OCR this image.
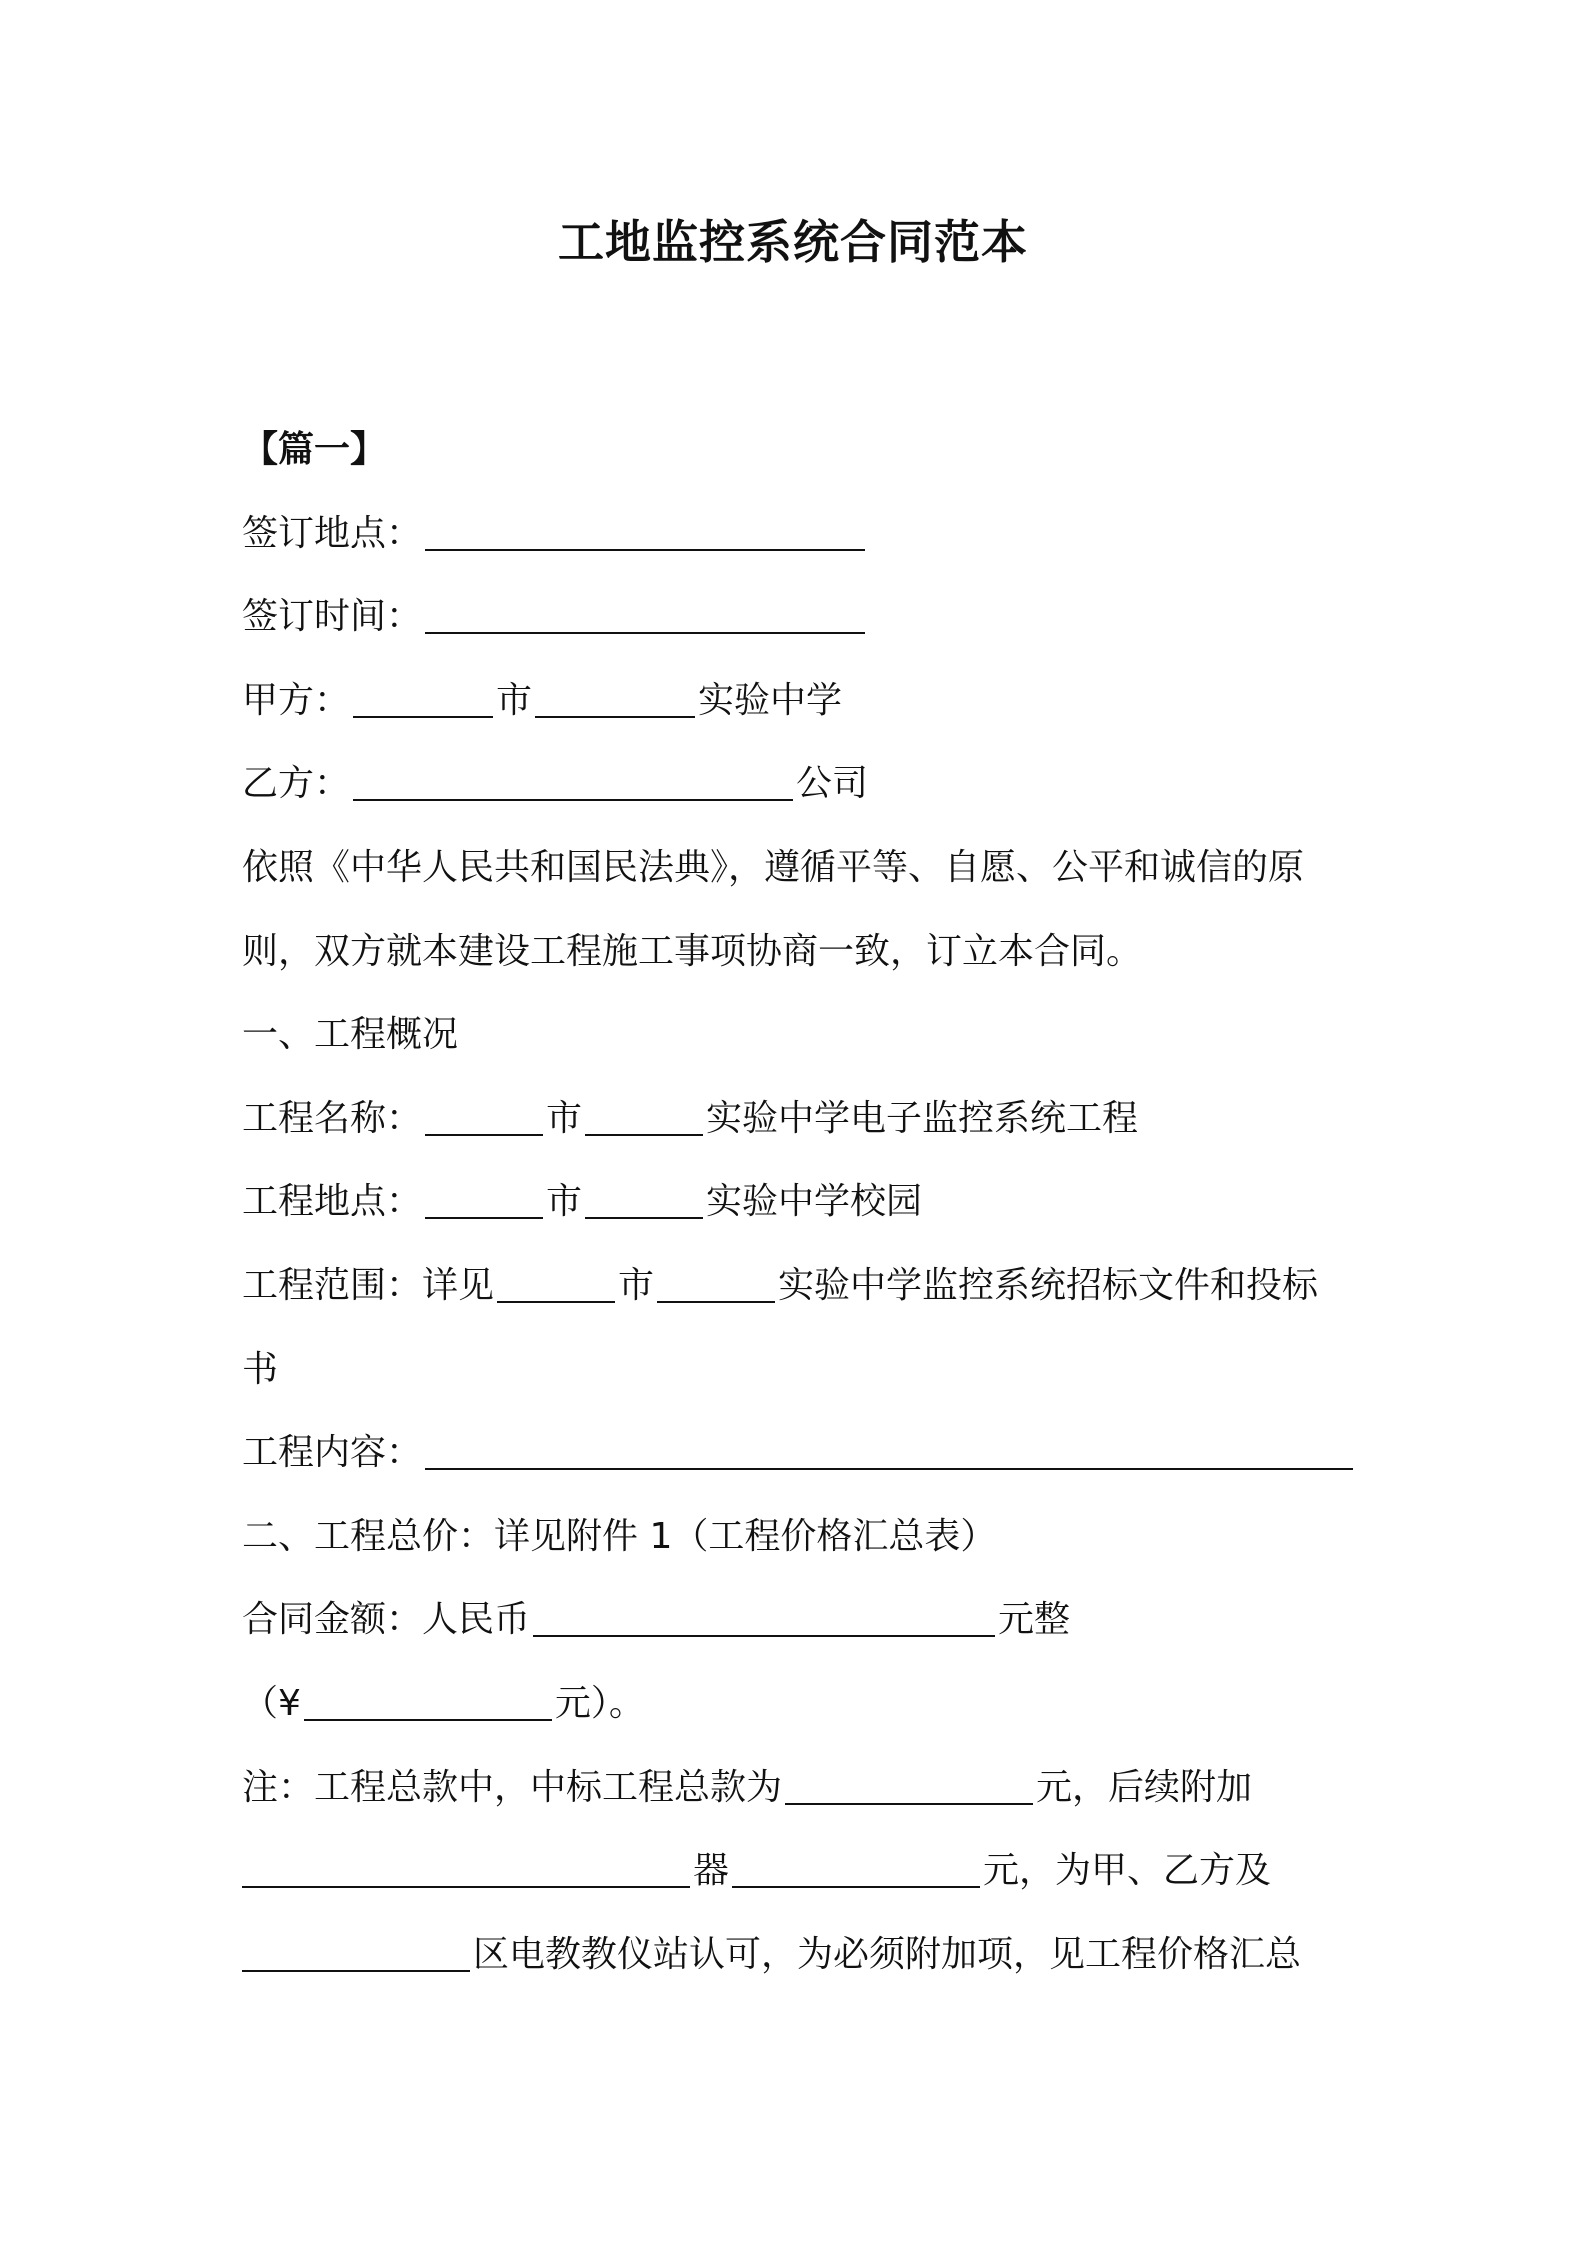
工地监控系统合同范本
【篇一】
签订地点：
签订时间：
甲方：	市	实验中学
乙方：	公司
依照《中华人民共和国民法典》，遵循平等、自愿、公平和诚信的原
则，双方就本建设工程施工事项协商一致，订立本合同。
一、工程概况
工程名称：	市	实验中学电子监控系统工程
工程地点：	市	实验中学校园
工程范围：详见	市	实验中学监控系统招标文件和投标
书
工程内容：
二、工程总价：详见附件 1（工程价格汇总表）
合同金额：人民币	元整
（¥	元）。
注：工程总款中，中标工程总款为	元，后续附加
器	元，为甲、乙方及
区电教教仪站认可，为必须附加项，见工程价格汇总
